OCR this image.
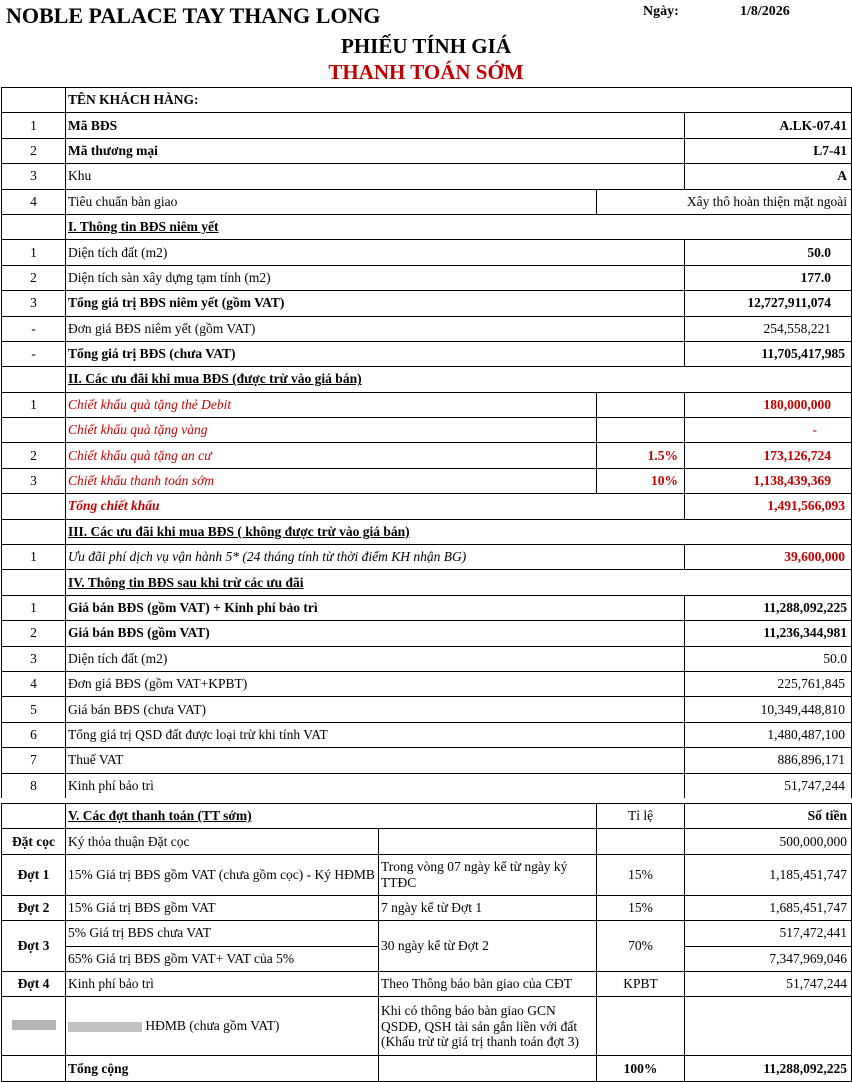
NOBLE PALACE TAY THANG LONG	Ngày:	1/8/2026
PHIẾU TÍNH GIÁ
THANH TOÁN SỚM
	TÊN KHÁCH HÀNG:		
1	Mã BĐS		A.LK-07.41
2	Mã thương mại		L7-41
3	Khu		A
4	Tiêu chuẩn bàn giao	Xây thô hoàn thiện mặt ngoài	
	I. Thông tin BĐS niêm yết		
1	Diện tích đất (m2)		50.0
2	Diện tích sàn xây dựng tạm tính (m2)		177.0
3	Tổng giá trị BĐS niêm yết (gồm VAT)		12,727,911,074
-	Đơn giá BĐS niêm yết (gồm VAT)		254,558,221
-	Tổng giá trị BĐS (chưa VAT)		11,705,417,985
	II. Các ưu đãi khi mua BĐS (được trừ vào giá bán)		
1	Chiết khấu quà tặng thẻ Debit		180,000,000
	Chiết khấu quà tặng vàng		-
2	Chiết khấu quà tặng an cư	1.5%	173,126,724
3	Chiết khấu thanh toán sớm	10%	1,138,439,369
	Tổng chiết khấu		1,491,566,093
	III. Các ưu đãi khi mua BĐS ( không được trừ vào giá bán)		
1	Ưu đãi phí dịch vụ vận hành 5* (24 tháng tính từ thời điểm KH nhận BG)		39,600,000
	IV. Thông tin BĐS sau khi trừ các ưu đãi		
1	Giá bán BĐS (gồm VAT) + Kinh phí bảo trì		11,288,092,225
2	Giá bán BĐS (gồm VAT)		11,236,344,981
3	Diện tích đất (m2)		50.0
4	Đơn giá BĐS (gồm VAT+KPBT)		225,761,845
5	Giá bán BĐS (chưa VAT)		10,349,448,810
6	Tổng giá trị QSD đất được loại trừ khi tính VAT		1,480,487,100
7	Thuế VAT		886,896,171
8	Kinh phí bảo trì		51,747,244
	V. Các đợt thanh toán (TT sớm)		Tỉ lệ	Số tiền
Đặt cọc	Ký thỏa thuận Đặt cọc			500,000,000
Đợt 1	15% Giá trị BĐS gồm VAT (chưa gồm cọc) - Ký HĐMB	Trong vòng 07 ngày kể từ ngày ký TTĐC	15%	1,185,451,747
Đợt 2	15% Giá trị BĐS gồm VAT	7 ngày kể từ Đợt 1	15%	1,685,451,747
Đợt 3	5% Giá trị BĐS chưa VAT	30 ngày kể từ Đợt 2	70%	517,472,441
	65% Giá trị BĐS gồm VAT+ VAT của 5%			7,347,969,046
Đợt 4	Kinh phí bảo trì	Theo Thông báo bàn giao của CĐT	KPBT	51,747,244
	HĐMB (chưa gồm VAT)	Khi có thông báo bàn giao GCN QSDĐ, QSH tài sản gắn liền với đất (Khấu trừ từ giá trị thanh toán đợt 3)		
	Tổng cộng		100%	11,288,092,225
